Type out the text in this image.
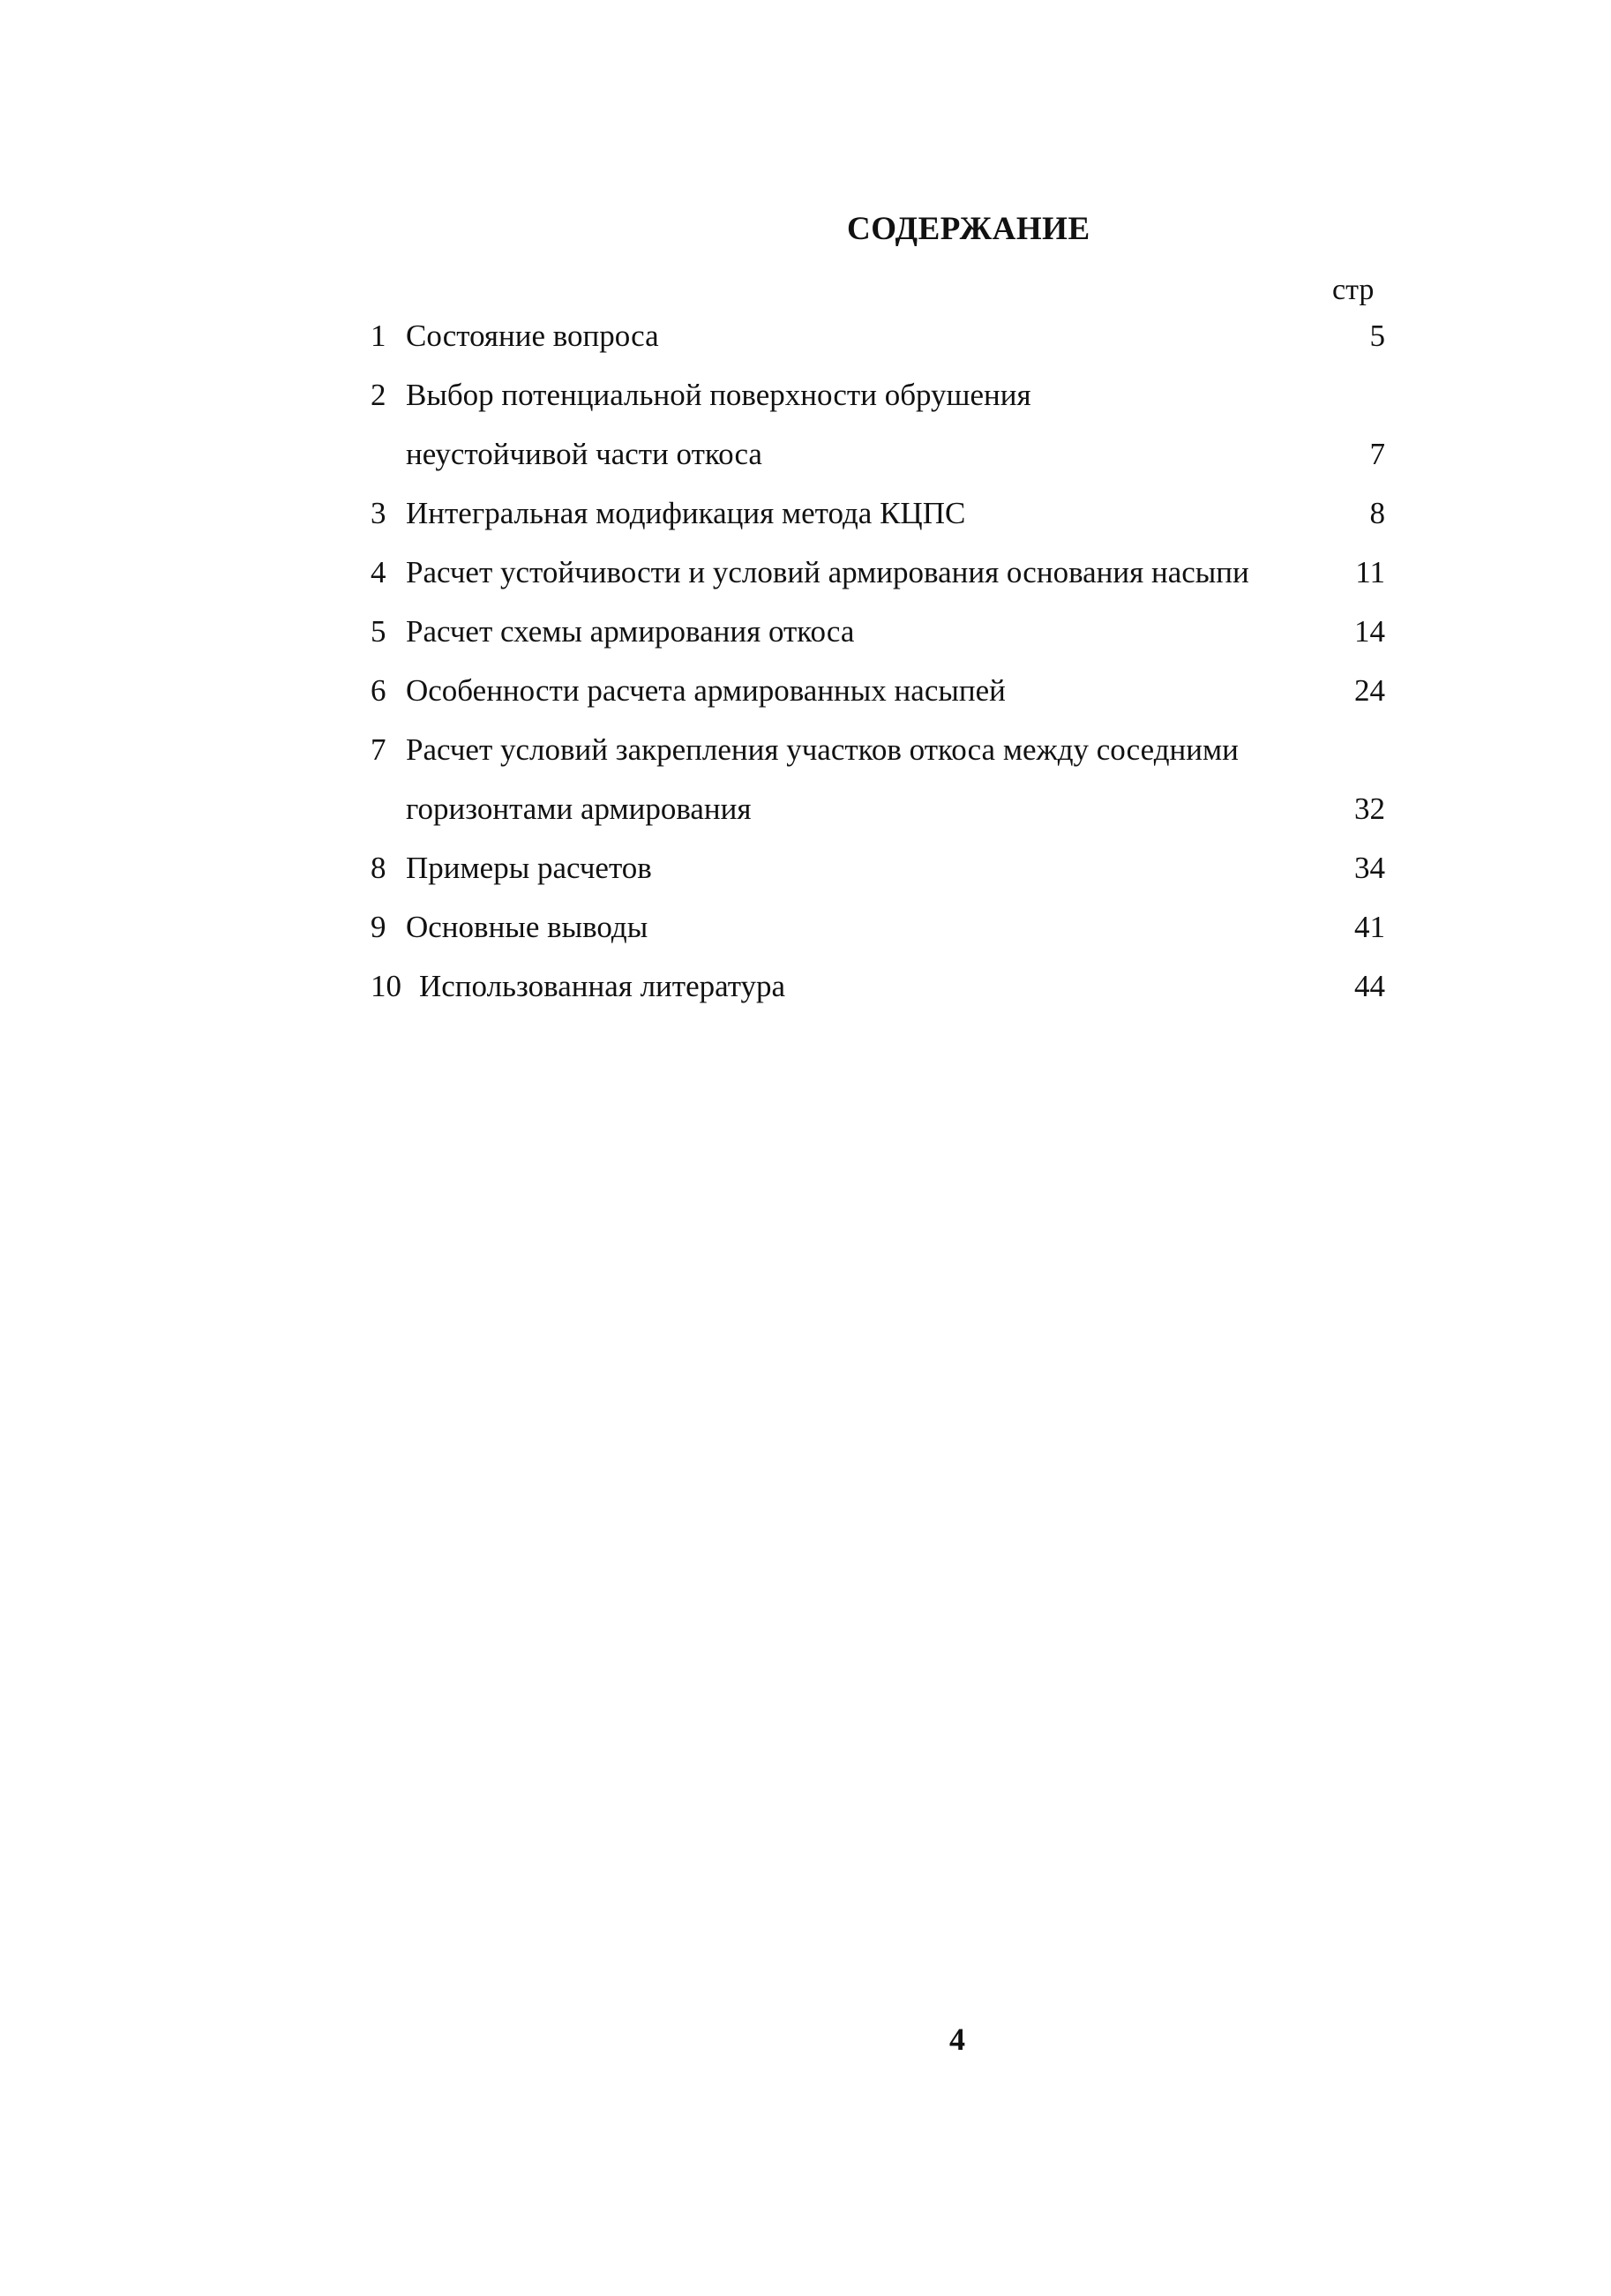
СОДЕРЖАНИЕ
стр
1 Состояние вопроса	5
2 Выбор потенциальной поверхности обрушения
неустойчивой части откоса	7
3 Интегральная модификация метода КЦПС	8
4 Расчет устойчивости и условий армирования основания насыпи	11
5 Расчет схемы армирования откоса	14
6 Особенности расчета армированных насыпей	24
7 Расчет условий закрепления участков откоса между соседними
горизонтами армирования	32
8 Примеры расчетов	34
9 Основные выводы	41
10 Использованная литература	44
4
